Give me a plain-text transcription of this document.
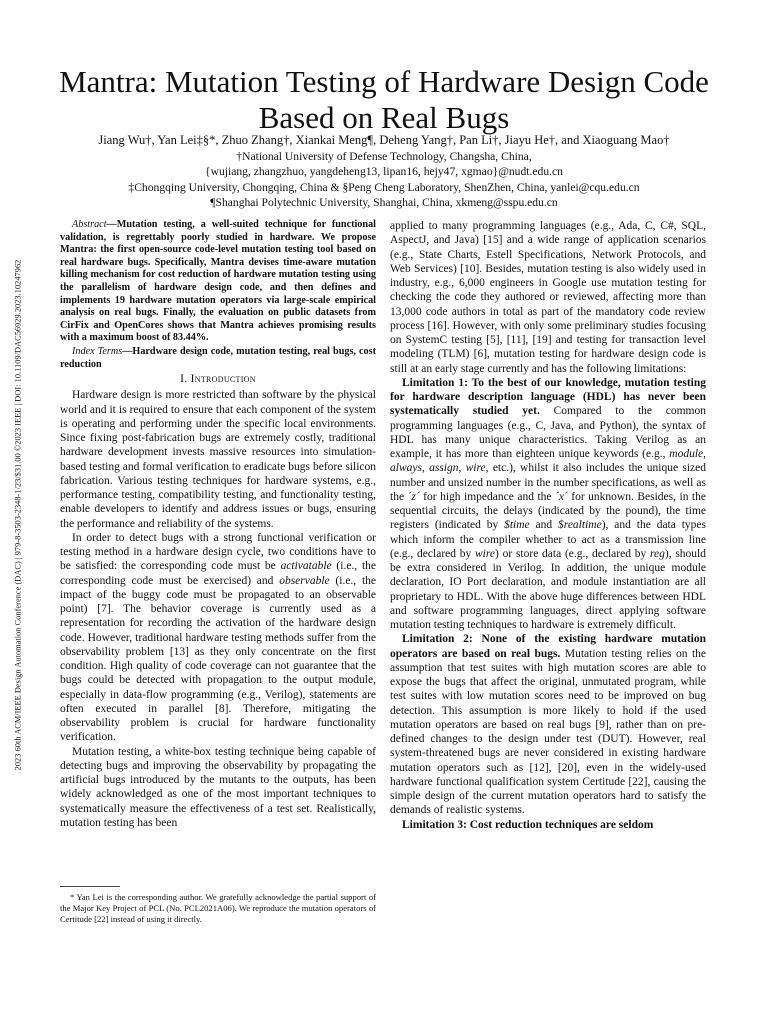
2023 60th ACM/IEEE Design Automation Conference (DAC) | 979-8-3503-2348-1/23/$31.00 ©2023 IEEE | DOI: 10.1109/DAC56929.2023.10247962
Mantra: Mutation Testing of Hardware Design Code Based on Real Bugs
Jiang Wu†, Yan Lei‡§*, Zhuo Zhang†, Xiankai Meng¶, Deheng Yang†, Pan Li†, Jiayu He†, and Xiaoguang Mao†
†National University of Defense Technology, Changsha, China,
{wujiang, zhangzhuo, yangdeheng13, lipan16, hejy47, xgmao}@nudt.edu.cn
‡Chongqing University, Chongqing, China & §Peng Cheng Laboratory, ShenZhen, China, yanlei@cqu.edu.cn
¶Shanghai Polytechnic University, Shanghai, China, xkmeng@sspu.edu.cn

Abstract—Mutation testing, a well-suited technique for functional validation, is regrettably poorly studied in hardware. We propose Mantra: the first open-source code-level mutation testing tool based on real hardware bugs. Specifically, Mantra devises time-aware mutation killing mechanism for cost reduction of hardware mutation testing using the parallelism of hardware design code, and then defines and implements 19 hardware mutation operators via large-scale empirical analysis on real bugs. Finally, the evaluation on public datasets from CirFix and OpenCores shows that Mantra achieves promising results with a maximum boost of 83.44%.

Index Terms—Hardware design code, mutation testing, real bugs, cost reduction

I. Introduction

Hardware design is more restricted than software by the physical world and it is required to ensure that each component of the system is operating and performing under the specific local environments. Since fixing post-fabrication bugs are extremely costly, traditional hardware development invests massive resources into simulation-based testing and formal verification to eradicate bugs before silicon fabrication. Various testing techniques for hardware systems, e.g., performance testing, compatibility testing, and functionality testing, enable developers to identify and address issues or bugs, ensuring the performance and reliability of the systems.

In order to detect bugs with a strong functional verification or testing method in a hardware design cycle, two conditions have to be satisfied: the corresponding code must be activatable (i.e., the corresponding code must be exercised) and observable (i.e., the impact of the buggy code must be propagated to an observable point) [7]. The behavior coverage is currently used as a representation for recording the activation of the hardware design code. However, traditional hardware testing methods suffer from the observability problem [13] as they only concentrate on the first condition. High quality of code coverage can not guarantee that the bugs could be detected with propagation to the output module, especially in data-flow programming (e.g., Verilog), statements are often executed in parallel [8]. Therefore, mitigating the observability problem is crucial for hardware functionality verification.

Mutation testing, a white-box testing technique being capable of detecting bugs and improving the observability by propagating the artificial bugs introduced by the mutants to the outputs, has been widely acknowledged as one of the most important techniques to systematically measure the effectiveness of a test set. Realistically, mutation testing has been

* Yan Lei is the corresponding author. We gratefully acknowledge the partial support of the Major Key Project of PCL (No. PCL2021A06). We reproduce the mutation operators of Certitude [22] instead of using it directly.

applied to many programming languages (e.g., Ada, C, C#, SQL, AspectJ, and Java) [15] and a wide range of application scenarios (e.g., State Charts, Estell Specifications, Network Protocols, and Web Services) [10]. Besides, mutation testing is also widely used in industry, e.g., 6,000 engineers in Google use mutation testing for checking the code they authored or reviewed, affecting more than 13,000 code authors in total as part of the mandatory code review process [16]. However, with only some preliminary studies focusing on SystemC testing [5], [11], [19] and testing for transaction level modeling (TLM) [6], mutation testing for hardware design code is still at an early stage currently and has the following limitations:

Limitation 1: To the best of our knowledge, mutation testing for hardware description language (HDL) has never been systematically studied yet. Compared to the common programming languages (e.g., C, Java, and Python), the syntax of HDL has many unique characteristics. Taking Verilog as an example, it has more than eighteen unique keywords (e.g., module, always, assign, wire, etc.), whilst it also includes the unique sized number and unsized number in the number specifications, as well as the ´z´ for high impedance and the ´x´ for unknown. Besides, in the sequential circuits, the delays (indicated by the pound), the time registers (indicated by $time and $realtime), and the data types which inform the compiler whether to act as a transmission line (e.g., declared by wire) or store data (e.g., declared by reg), should be extra considered in Verilog. In addition, the unique module declaration, IO Port declaration, and module instantiation are all proprietary to HDL. With the above huge differences between HDL and software programming languages, direct applying software mutation testing techniques to hardware is extremely difficult.

Limitation 2: None of the existing hardware mutation operators are based on real bugs. Mutation testing relies on the assumption that test suites with high mutation scores are able to expose the bugs that affect the original, unmutated program, while test suites with low mutation scores need to be improved on bug detection. This assumption is more likely to hold if the used mutation operators are based on real bugs [9], rather than on pre-defined changes to the design under test (DUT). However, real system-threatened bugs are never considered in existing hardware mutation operators such as [12], [20], even in the widely-used hardware functional qualification system Certitude [22], causing the simple design of the current mutation operators hard to satisfy the demands of realistic systems.

Limitation 3: Cost reduction techniques are seldom
